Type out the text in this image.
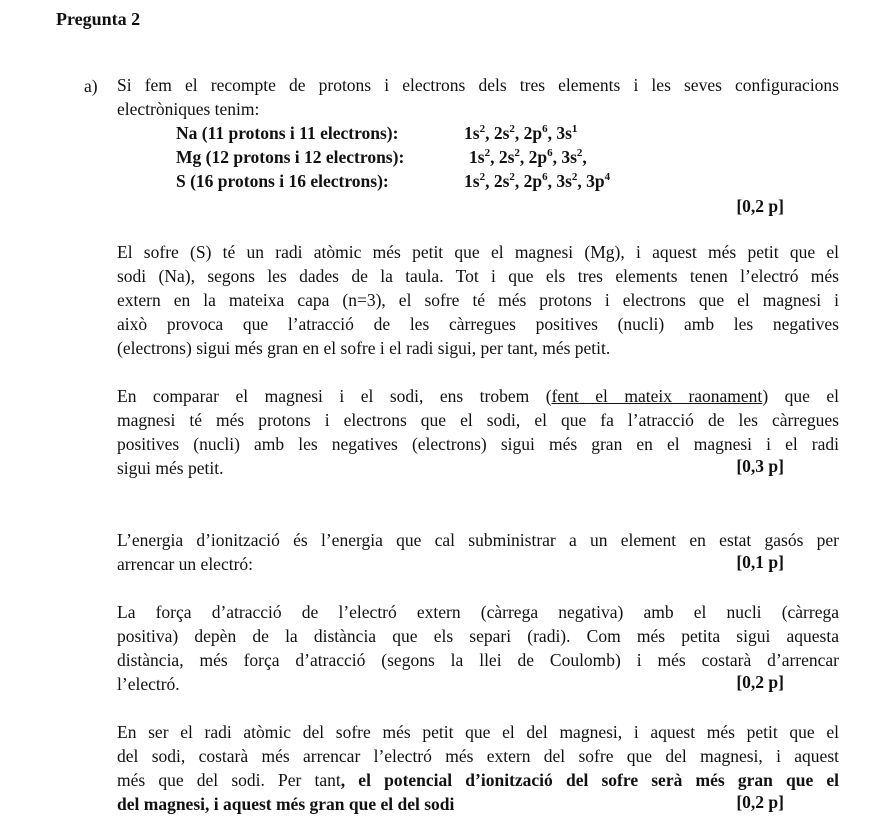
Pregunta 2
a) Si fem el recompte de protons i electrons dels tres elements i les seves configuracions
electròniques tenim:
Na (11 protons i 11 electrons):	$1s^2$, $2s^2$, $2p^6$, $3s^1$
Mg (12 protons i 12 electrons):	$1s^2$, $2s^2$, $2p^6$, $3s^2$,
S (16 protons i 16 electrons):	$1s^2$, $2s^2$, $2p^6$, $3s^2$, $3p^4$
[0,2 p]
El sofre (S) té un radi atòmic més petit que el magnesi (Mg), i aquest més petit que el
sodi (Na), segons les dades de la taula. Tot i que els tres elements tenen l’electró més
extern en la mateixa capa (n=3), el sofre té més protons i electrons que el magnesi i
això provoca que l’atracció de les càrregues positives (nucli) amb les negatives
(electrons) sigui més gran en el sofre i el radi sigui, per tant, més petit.
En comparar el magnesi i el sodi, ens trobem (fent el mateix raonament) que el
magnesi té més protons i electrons que el sodi, el que fa l’atracció de les càrregues
positives (nucli) amb les negatives (electrons) sigui més gran en el magnesi i el radi
sigui més petit.	[0,3 p]
L’energia d’ionització és l’energia que cal subministrar a un element en estat gasós per
arrencar un electró:	[0,1 p]
La força d’atracció de l’electró extern (càrrega negativa) amb el nucli (càrrega
positiva) depèn de la distància que els separi (radi). Com més petita sigui aquesta
distància, més força d’atracció (segons la llei de Coulomb) i més costarà d’arrencar
l’electró.	[0,2 p]
En ser el radi atòmic del sofre més petit que el del magnesi, i aquest més petit que el
del sodi, costarà més arrencar l’electró més extern del sofre que del magnesi, i aquest
més que del sodi. Per tant, el potencial d’ionització del sofre serà més gran que el
del magnesi, i aquest més gran que el del sodi	[0,2 p]
